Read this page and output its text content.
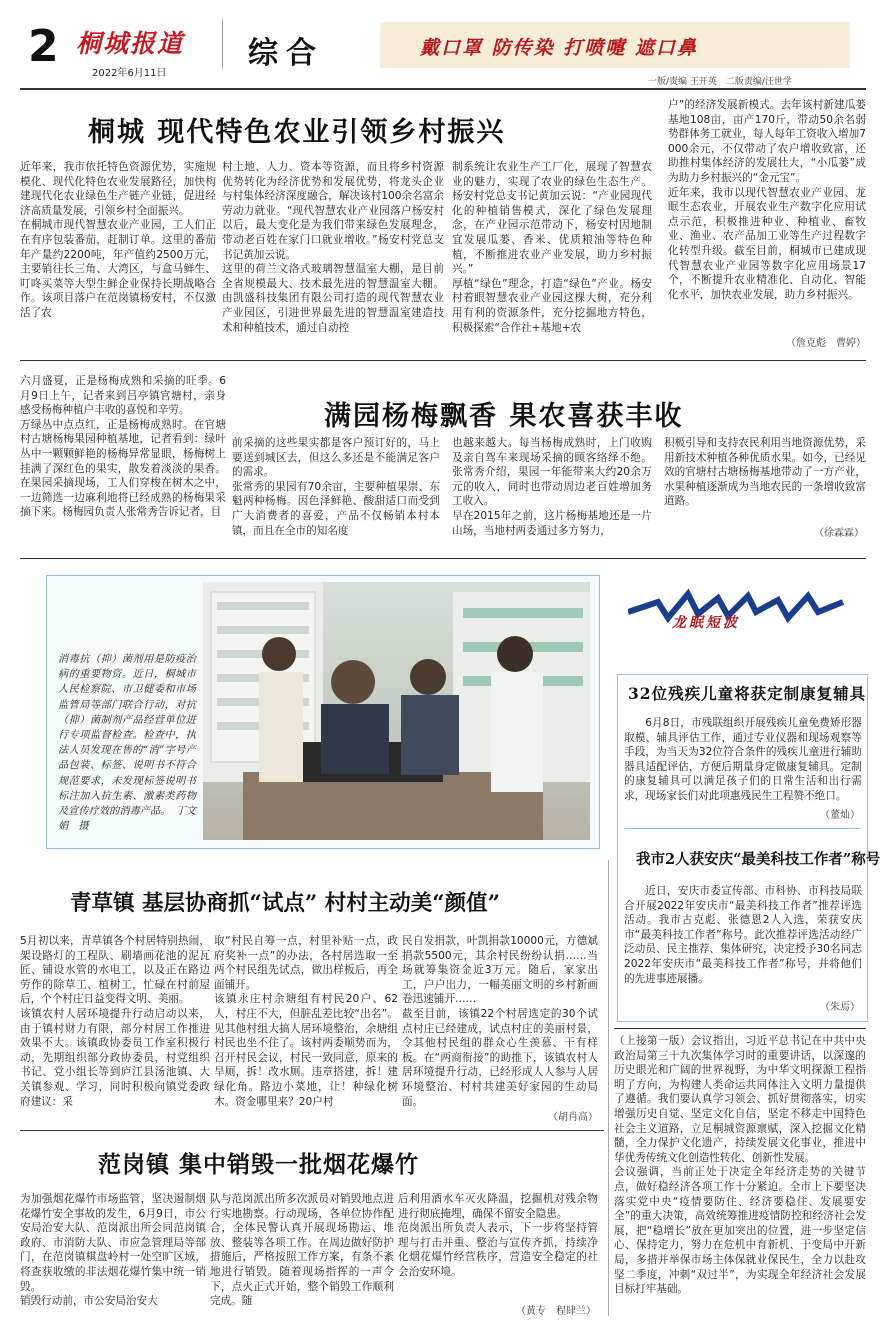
2 桐城报道
2022年6月11日
综合	戴口罩 防传染 打喷嚏 遮口鼻
一版/责编 王开英　二版责编/汪世学
桐城 现代特色农业引领乡村振兴
近年来，我市依托特色资源优势，实施规模化、现代化特色农业发展路径，加快构建现代化农业绿色生产链产业链，促进经济高质量发展，引领乡村全面振兴。
在桐城市现代智慧农业产业园，工人们正在有序包装番茄，赶制订单。这里的番茄年产量约2200吨，年产值约2500万元，主要销往长三角、大湾区，与盒马鲜生、叮咚买菜等大型生鲜企业保持长期战略合作。该项目落户在范岗镇杨安村，不仅激活了农
村土地、人力、资本等资源，而且将乡村资源优势转化为经济优势和发展优势，将龙头企业与村集体经济深度融合，解决该村100余名富余劳动力就业。“现代智慧农业产业园落户杨安村以后，最大变化是为我们带来绿色发展理念，带动老百姓在家门口就业增收。”杨安村党总支书记黄加云说。
这里的荷兰文洛式玻璃智慧温室大棚，是目前全省规模最大、技术最先进的智慧温室大棚。由凯盛科技集团有限公司打造的现代智慧农业产业园区，引进世界最先进的智慧温室建造技术和种植技术，通过自动控
制系统让农业生产工厂化，展现了智慧农业的魅力，实现了农业的绿色生态生产。杨安村党总支书记黄加云说：“产业园现代化的种植销售模式，深化了绿色发展理念，在产业园示范带动下，杨安村因地制宜发展瓜蒌、香米、优质粮油等特色种植，不断推进农业产业发展，助力乡村振兴。”
厚植“绿色”理念，打造“绿色”产业。杨安村着眼智慧农业产业园这棵大树，充分利用有利的资源条件，充分挖掘地方特色，积极探索“合作社+基地+农
户”的经济发展新模式。去年该村新建瓜蒌基地108亩，亩产170斤，带动50余名弱势群体务工就业，每人每年工资收入增加7000余元，不仅带动了农户增收致富，还助推村集体经济的发展壮大，“小瓜蒌”成为助力乡村振兴的“金元宝”。
近年来，我市以现代智慧农业产业园、龙眠生态农业，开展农业生产数字化应用试点示范，积极推进种业、种植业、畜牧业、渔业、农产品加工业等生产过程数字化转型升级。截至目前，桐城市已建成现代智慧农业产业园等数字化应用场景17个，不断提升农业精准化、自动化、智能化水平，加快农业发展，助力乡村振兴。
（詹克彪　曹婷）
六月盛夏，正是杨梅成熟和采摘的旺季。6月9日上午，记者来到吕亭镇官塘村，亲身感受杨梅种植户丰收的喜悦和辛劳。
万绿丛中点点红，正是杨梅成熟时。在官塘村古塘杨梅果园种植基地，记者看到：绿叶丛中一颗颗鲜艳的杨梅异常显眼，杨梅树上挂满了深红色的果实，散发着淡淡的果香。在果园采摘现场，工人们穿梭在树木之中，一边筛选一边麻利地将已经成熟的杨梅果采摘下来。杨梅园负责人张常秀告诉记者，目
满园杨梅飘香 果农喜获丰收
前采摘的这些果实都是客户预订好的，马上要送到城区去，但这么多还是不能满足客户的需求。
张常秀的果园有70余亩，主要种植果崇、东魁两种杨梅。因色泽鲜艳、酸甜适口而受到广大消费者的喜爱，产品不仅畅销本村本镇，而且在全市的知名度
也越来越大。每当杨梅成熟时，上门收购及亲自驾车来现场采摘的顾客络绎不绝。张常秀介绍，果园一年能带来大约20余万元的收入，同时也带动周边老百姓增加务工收入。
早在2015年之前，这片杨梅基地还是一片山场，当地村两委通过多方努力，
积极引导和支持农民利用当地资源优势，采用新技术种植各种优质水果。如今，已经见效的官塘村古塘杨梅基地带动了一方产业，水果种植逐渐成为当地农民的一条增收致富道路。
（徐霖霖）
消毒抗（抑）菌剂用是防疫治病的重要物资。近日，桐城市人民检察院、市卫健委和市场监管局等部门联合行动，对抗（抑）菌制剂产品经营单位进行专项监督检查。检查中，执法人员发现在售的“消”字号产品包装、标签、说明书不符合规范要求，未发现标签说明书标注加入抗生素、激素类药物及宣传疗效的消毒产品。　丁文娟　摄
龙眠短波
32位残疾儿童将获定制康复辅具
6月8日，市残联组织开展残疾儿童免费矫形器取模、辅具评估工作，通过专业仪器和现场观察等手段，为当天为32位符合条件的残疾儿童进行辅助器具适配评估，方便后期量身定做康复辅具。定制的康复辅具可以满足孩子们的日常生活和出行需求，现场家长们对此项惠残民生工程赞不绝口。
（董灿）
我市2人获安庆“最美科技工作者”称号
近日，安庆市委宣传部、市科协、市科技局联合开展2022年安庆市“最美科技工作者”推荐评选活动。我市古克彪、张德恩2人入选，荣获安庆市“最美科技工作者”称号。此次推荐评选活动经广泛动员、民主推荐、集体研究，决定授予30名同志2022年安庆市“最美科技工作者”称号，并将他们的先进事迹展播。
（朱焉）
青草镇 基层协商抓“试点” 村村主动美“颜值”
5月初以来，青草镇各个村居特别热闹，架设路灯的工程队、刷墙画花池的泥瓦匠、铺设水管的水电工，以及正在路边劳作的除草工、植树工，忙碌在村前屋后，个个村庄日益变得文明、美丽。
该镇农村人居环境提升行动启动以来，由于镇村财力有限，部分村居工作推进效果不大。该镇政协委员工作室积极行动，先期组织部分政协委员，村党组织书记、党小组长等到庐江县汤池镇、大关镇参观、学习，同时积极向镇党委政府建议：采
取“村民自筹一点，村里补贴一点，政府奖补一点”的办法，各村居选取一至两个村民组先试点，做出样板后，再全面铺开。
该镇永庄村余塘组有村民20户、62人，村庄不大，但脏乱差比较“出名”。见其他村组大搞人居环境整治，余塘组村民也坐不住了。该村两委顺势而为，召开村民会议，村民一致同意，原来的旱厕，拆！改水厕。违章搭建，拆！建绿化角。路边小菜地，让！种绿化树木。资金哪里来？20户村
民自发捐款，叶凯捐款10000元，方德斌捐款5500元，其余村民纷纷认捐……当场就筹集资金近3万元。随后，家家出工，户户出力，一幅美丽文明的乡村新画卷迅速铺开……
截至目前，该镇22个村居选定的30个试点村庄已经建成，试点村庄的美丽村景，令其他村民组的群众心生羡慕、干有样板。在“两商衔接”的助推下，该镇农村人居环境提升行动，已经形成人人参与人居环境整治、村村共建美好家园的生动局面。
（胡肖高）
范岗镇 集中销毁一批烟花爆竹
为加强烟花爆竹市场监管，坚决遏制烟花爆竹安全事故的发生，6月9日，市公安局治安大队、范岗派出所会同范岗镇政府、市消防大队、市应急管理局等部门，在范岗镇棋盘岭村一处空旷区域，将查获收缴的非法烟花爆竹集中统一销毁。
销毁行动前，市公安局治安大
队与范岗派出所多次派员对销毁地点进行实地勘察。行动现场，各单位协作配合，全体民警认真开展现场勘运、堆放、整装等各项工作。在周边做好防护措施后，严格按照工作方案，有条不紊地进行销毁。随着现场指挥的一声令下，点火正式开始，整个销毁工作顺利完成。随
后利用酒水车灭火降温，挖掘机对残余物进行彻底掩埋，确保不留安全隐患。
范岗派出所负责人表示，下一步将坚持管理与打击并重、整治与宣传齐抓，持续净化烟花爆竹经营秩序，营造安全稳定的社会治安环境。
（黄专　程肆兰）
（上接第一版）会议指出，习近平总书记在中共中央政治局第三十九次集体学习时的重要讲话，以深邃的历史眼光和广阔的世界视野，为中华文明探源工程指明了方向，为构建人类命运共同体注入文明力量提供了遵循。我们要认真学习领会、抓好贯彻落实，切实增强历史自觉、坚定文化自信，坚定不移走中国特色社会主义道路，立足桐城资源禀赋，深入挖掘文化精髓，全力保护文化遗产，持续发展文化事业，推进中华优秀传统文化创造性转化、创新性发展。
会议强调，当前正处于决定全年经济走势的关键节点，做好稳经济各项工作十分紧迫。全市上下要坚决落实党中央“疫情要防住、经济要稳住、发展要安全”的重大决策，高效统筹推进疫情防控和经济社会发展，把“稳增长”放在更加突出的位置，进一步坚定信心、保持定力，努力在危机中育新机、于变局中开新局，多措并举保市场主体保就业保民生，全力以赴攻坚二季度，冲刺“双过半”，为实现全年经济社会发展目标打牢基础。
